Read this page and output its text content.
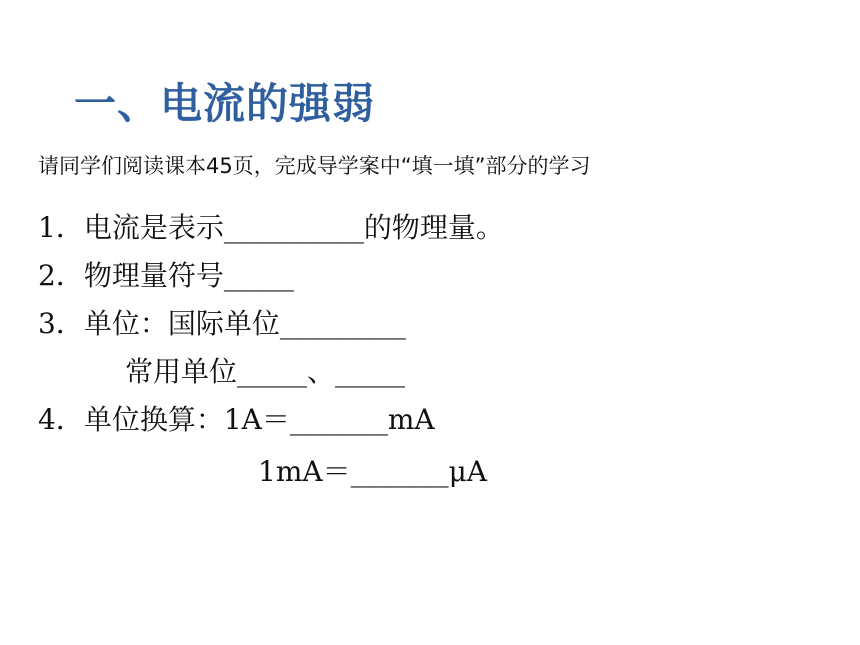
一、电流的强弱
请同学们阅读课本45页，完成导学案中“填一填”部分的学习
1．电流是表示__________的物理量。
2．物理量符号_____
3．单位：国际单位_________
常用单位_____、_____
4．单位换算：1A＝_______mA
1mA＝_______μA
